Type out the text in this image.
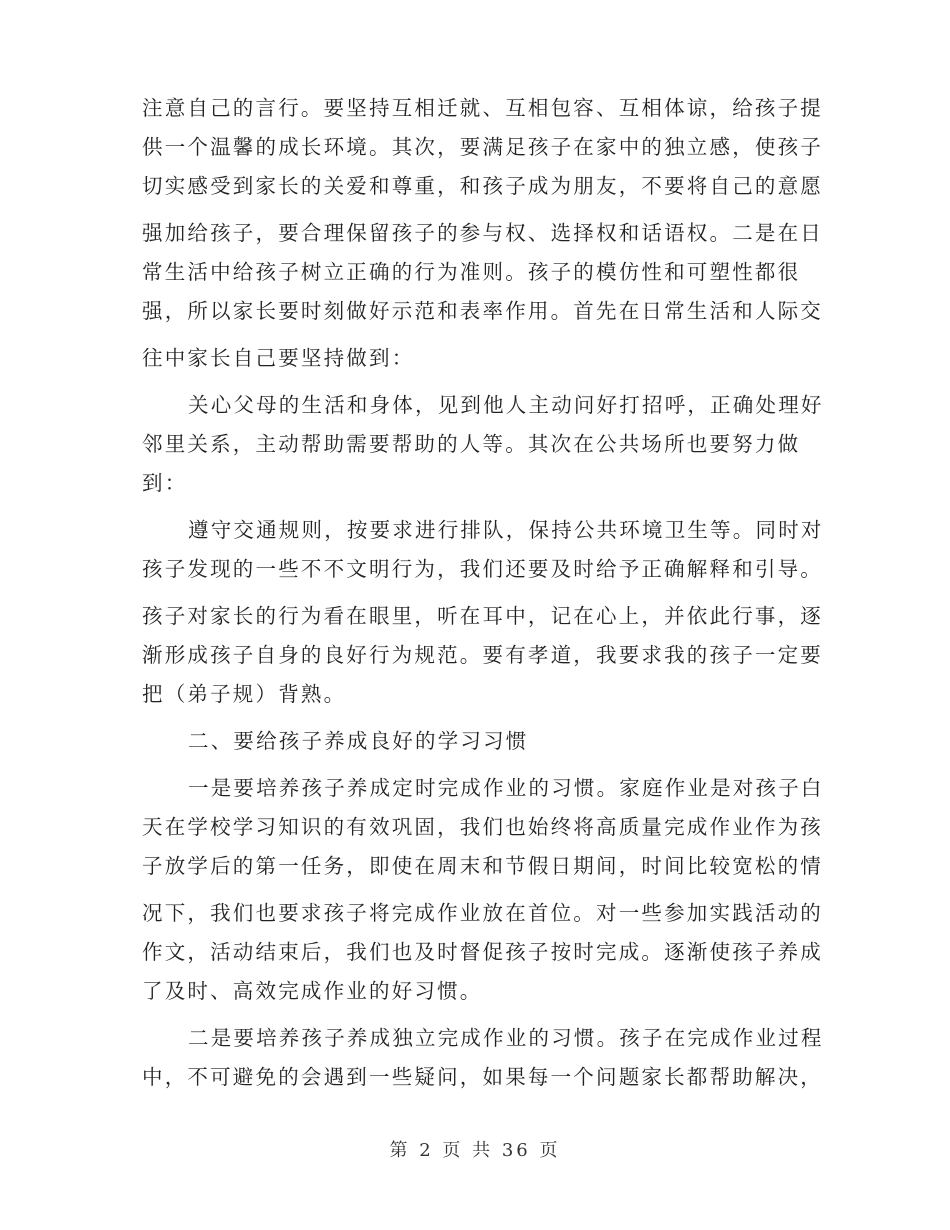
注意自己的言行。要坚持互相迁就、互相包容、互相体谅，给孩子提
供一个温馨的成长环境。其次，要满足孩子在家中的独立感，使孩子
切实感受到家长的关爱和尊重，和孩子成为朋友，不要将自己的意愿
强加给孩子，要合理保留孩子的参与权、选择权和话语权。二是在日
常生活中给孩子树立正确的行为准则。孩子的模仿性和可塑性都很
强，所以家长要时刻做好示范和表率作用。首先在日常生活和人际交
往中家长自己要坚持做到：
关心父母的生活和身体，见到他人主动问好打招呼，正确处理好
邻里关系，主动帮助需要帮助的人等。其次在公共场所也要努力做
到：
遵守交通规则，按要求进行排队，保持公共环境卫生等。同时对
孩子发现的一些不不文明行为，我们还要及时给予正确解释和引导。
孩子对家长的行为看在眼里，听在耳中，记在心上，并依此行事，逐
渐形成孩子自身的良好行为规范。要有孝道，我要求我的孩子一定要
把（弟子规）背熟。
二、要给孩子养成良好的学习习惯
一是要培养孩子养成定时完成作业的习惯。家庭作业是对孩子白
天在学校学习知识的有效巩固，我们也始终将高质量完成作业作为孩
子放学后的第一任务，即使在周末和节假日期间，时间比较宽松的情
况下，我们也要求孩子将完成作业放在首位。对一些参加实践活动的
作文，活动结束后，我们也及时督促孩子按时完成。逐渐使孩子养成
了及时、高效完成作业的好习惯。
二是要培养孩子养成独立完成作业的习惯。孩子在完成作业过程
中，不可避免的会遇到一些疑问，如果每一个问题家长都帮助解决，
第 2 页 共 36 页
